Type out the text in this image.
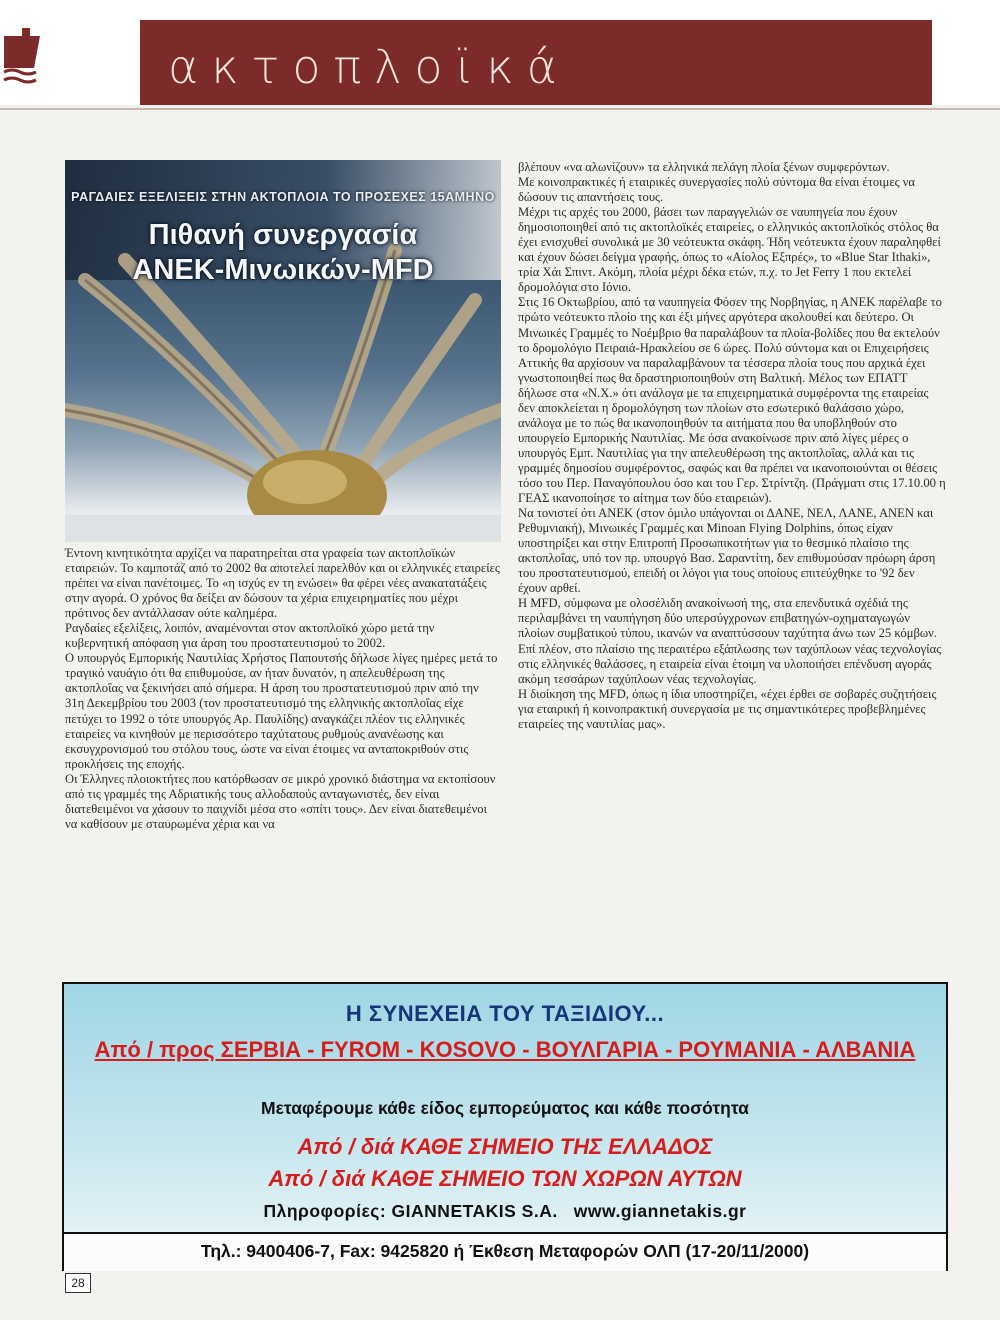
ακτοπλοϊκά
ΡΑΓΔΑΙΕΣ ΕΞΕΛΙΞΕΙΣ ΣΤΗΝ ΑΚΤΟΠΛΟΙΑ ΤΟ ΠΡΟΣΕΧΕΣ 15ΑΜΗΝΟ
Πιθανή συνεργασία
ΑΝΕΚ-Μινωικών-MFD

Έντονη κινητικότητα αρχίζει να παρατηρείται στα γραφεία των ακτοπλοϊκών εταιρειών. Το καμποτάζ από το 2002 θα αποτελεί παρελθόν και οι ελληνικές εταιρείες πρέπει να είναι πανέτοιμες. Το «η ισχύς εν τη ενώσει» θα φέρει νέες ανακατατάξεις στην αγορά. Ο χρόνος θα δείξει αν δώσουν τα χέρια επιχειρηματίες που μέχρι πρότινος δεν αντάλλασαν ούτε καλημέρα.

Ραγδαίες εξελίξεις, λοιπόν, αναμένονται στον ακτοπλοϊκό χώρο μετά την κυβερνητική απόφαση για άρση του προστατευτισμού το 2002.

Ο υπουργός Εμπορικής Ναυτιλίας Χρήστος Παπουτσής δήλωσε λίγες ημέρες μετά το τραγικό ναυάγιο ότι θα επιθυμούσε, αν ήταν δυνατόν, η απελευθέρωση της ακτοπλοΐας να ξεκινήσει από σήμερα. Η άρση του προστατευτισμού πριν από την 31η Δεκεμβρίου του 2003 (τον προστατευτισμό της ελληνικής ακτοπλοΐας είχε πετύχει το 1992 ο τότε υπουργός Αρ. Παυλίδης) αναγκάζει πλέον τις ελληνικές εταιρείες να κινηθούν με περισσότερο ταχύτατους ρυθμούς ανανέωσης και εκσυγχρονισμού του στόλου τους, ώστε να είναι έτοιμες να ανταποκριθούν στις προκλήσεις της εποχής.

Οι Έλληνες πλοιοκτήτες που κατόρθωσαν σε μικρό χρονικό διάστημα να εκτοπίσουν από τις γραμμές της Αδριατικής τους αλλοδαπούς ανταγωνιστές, δεν είναι διατεθειμένοι να χάσουν το παιχνίδι μέσα στο «σπίτι τους». Δεν είναι διατεθειμένοι να καθίσουν με σταυρωμένα χέρια και να

βλέπουν «να αλωνίζουν» τα ελληνικά πελάγη πλοία ξένων συμφερόντων.

Με κοινοπρακτικές ή εταιρικές συνεργασίες πολύ σύντομα θα είναι έτοιμες να δώσουν τις απαντήσεις τους.

Μέχρι τις αρχές του 2000, βάσει των παραγγελιών σε ναυπηγεία που έχουν δημοσιοποιηθεί από τις ακτοπλοϊκές εταιρείες, ο ελληνικός ακτοπλοϊκός στόλος θα έχει ενισχυθεί συνολικά με 30 νεότευκτα σκάφη. Ήδη νεότευκτα έχουν παραληφθεί και έχουν δώσει δείγμα γραφής, όπως το «Αίολος Εξπρές», το «Blue Star Ithaki», τρία Χάι Σπιντ. Ακόμη, πλοία μέχρι δέκα ετών, π.χ. το Jet Ferry 1 που εκτελεί δρομολόγια στο Ιόνιο.

Στις 16 Οκτωβρίου, από τα ναυπηγεία Φόσεν της Νορβηγίας, η ΑΝΕΚ παρέλαβε το πρώτο νεότευκτο πλοίο της και έξι μήνες αργότερα ακολουθεί και δεύτερο. Οι Μινωικές Γραμμές το Νοέμβριο θα παραλάβουν τα πλοία-βολίδες που θα εκτελούν το δρομολόγιο Πειραιά-Ηρακλείου σε 6 ώρες. Πολύ σύντομα και οι Επιχειρήσεις Αττικής θα αρχίσουν να παραλαμβάνουν τα τέσσερα πλοία τους που αρχικά έχει γνωστοποιηθεί πως θα δραστηριοποιηθούν στη Βαλτική. Μέλος των ΕΠΑΤΤ δήλωσε στα «Ν.Χ.» ότι ανάλογα με τα επιχειρηματικά συμφέροντα της εταιρείας δεν αποκλείεται η δρομολόγηση των πλοίων στο εσωτερικό θαλάσσιο χώρο, ανάλογα με το πώς θα ικανοποιηθούν τα αιτήματα που θα υποβληθούν στο υπουργείο Εμπορικής Ναυτιλίας. Με όσα ανακοίνωσε πριν από λίγες μέρες ο υπουργός Εμπ. Ναυτιλίας για την απελευθέρωση της ακτοπλοΐας, αλλά και τις γραμμές δημοσίου συμφέροντος, σαφώς και θα πρέπει να ικανοποιούνται οι θέσεις τόσο του Περ. Παναγόπουλου όσο και του Γερ. Στρίντζη. (Πράγματι στις 17.10.00 η ΓΕΑΣ ικανοποίησε το αίτημα των δύο εταιρειών).

Να τονιστεί ότι ΑΝΕΚ (στον όμιλο υπάγονται οι ΔΑΝΕ, ΝΕΛ, ΛΑΝΕ, ΑΝΕΝ και Ρεθυμνιακή), Μινωικές Γραμμές και Minoan Flying Dolphins, όπως είχαν υποστηρίξει και στην Επιτροπή Προσωπικοτήτων για το θεσμικό πλαίσιο της ακτοπλοΐας, υπό τον πρ. υπουργό Βασ. Σαραντίτη, δεν επιθυμούσαν πρόωρη άρση του προστατευτισμού, επειδή οι λόγοι για τους οποίους επιτεύχθηκε το '92 δεν έχουν αρθεί.

Η MFD, σύμφωνα με ολοσέλιδη ανακοίνωσή της, στα επενδυτικά σχέδιά της περιλαμβάνει τη ναυπήγηση δύο υπερσύγχρονων επιβατηγών-οχηματαγωγών πλοίων συμβατικού τύπου, ικανών να αναπτύσσουν ταχύτητα άνω των 25 κόμβων. Επί πλέον, στο πλαίσιο της περαιτέρω εξάπλωσης των ταχύπλοων νέας τεχνολογίας στις ελληνικές θαλάσσες, η εταιρεία είναι έτοιμη να υλοποιήσει επένδυση αγοράς ακόμη τεσσάρων ταχύπλοων νέας τεχνολογίας.

Η διοίκηση της MFD, όπως η ίδια υποστηρίζει, «έχει έρθει σε σοβαρές συζητήσεις για εταιρική ή κοινοπρακτική συνεργασία με τις σημαντικότερες προβεβλημένες εταιρείες της ναυτιλίας μας».

Η ΣΥΝΕΧΕΙΑ ΤΟΥ ΤΑΞΙΔΙΟΥ...
Από / προς ΣΕΡΒΙΑ - FYROM - KOSOVO - ΒΟΥΛΓΑΡΙΑ - ΡΟΥΜΑΝΙΑ - ΑΛΒΑΝΙΑ
Μεταφέρουμε κάθε είδος εμπορεύματος και κάθε ποσότητα
Από / διά ΚΑΘΕ ΣΗΜΕΙΟ ΤΗΣ ΕΛΛΑΔΟΣ
Από / διά ΚΑΘΕ ΣΗΜΕΙΟ ΤΩΝ ΧΩΡΩΝ ΑΥΤΩΝ
Πληροφορίες: GIANNETAKIS S.A.   www.giannetakis.gr
Τηλ.: 9400406-7, Fax: 9425820 ή Έκθεση Μεταφορών ΟΛΠ (17-20/11/2000)
28
